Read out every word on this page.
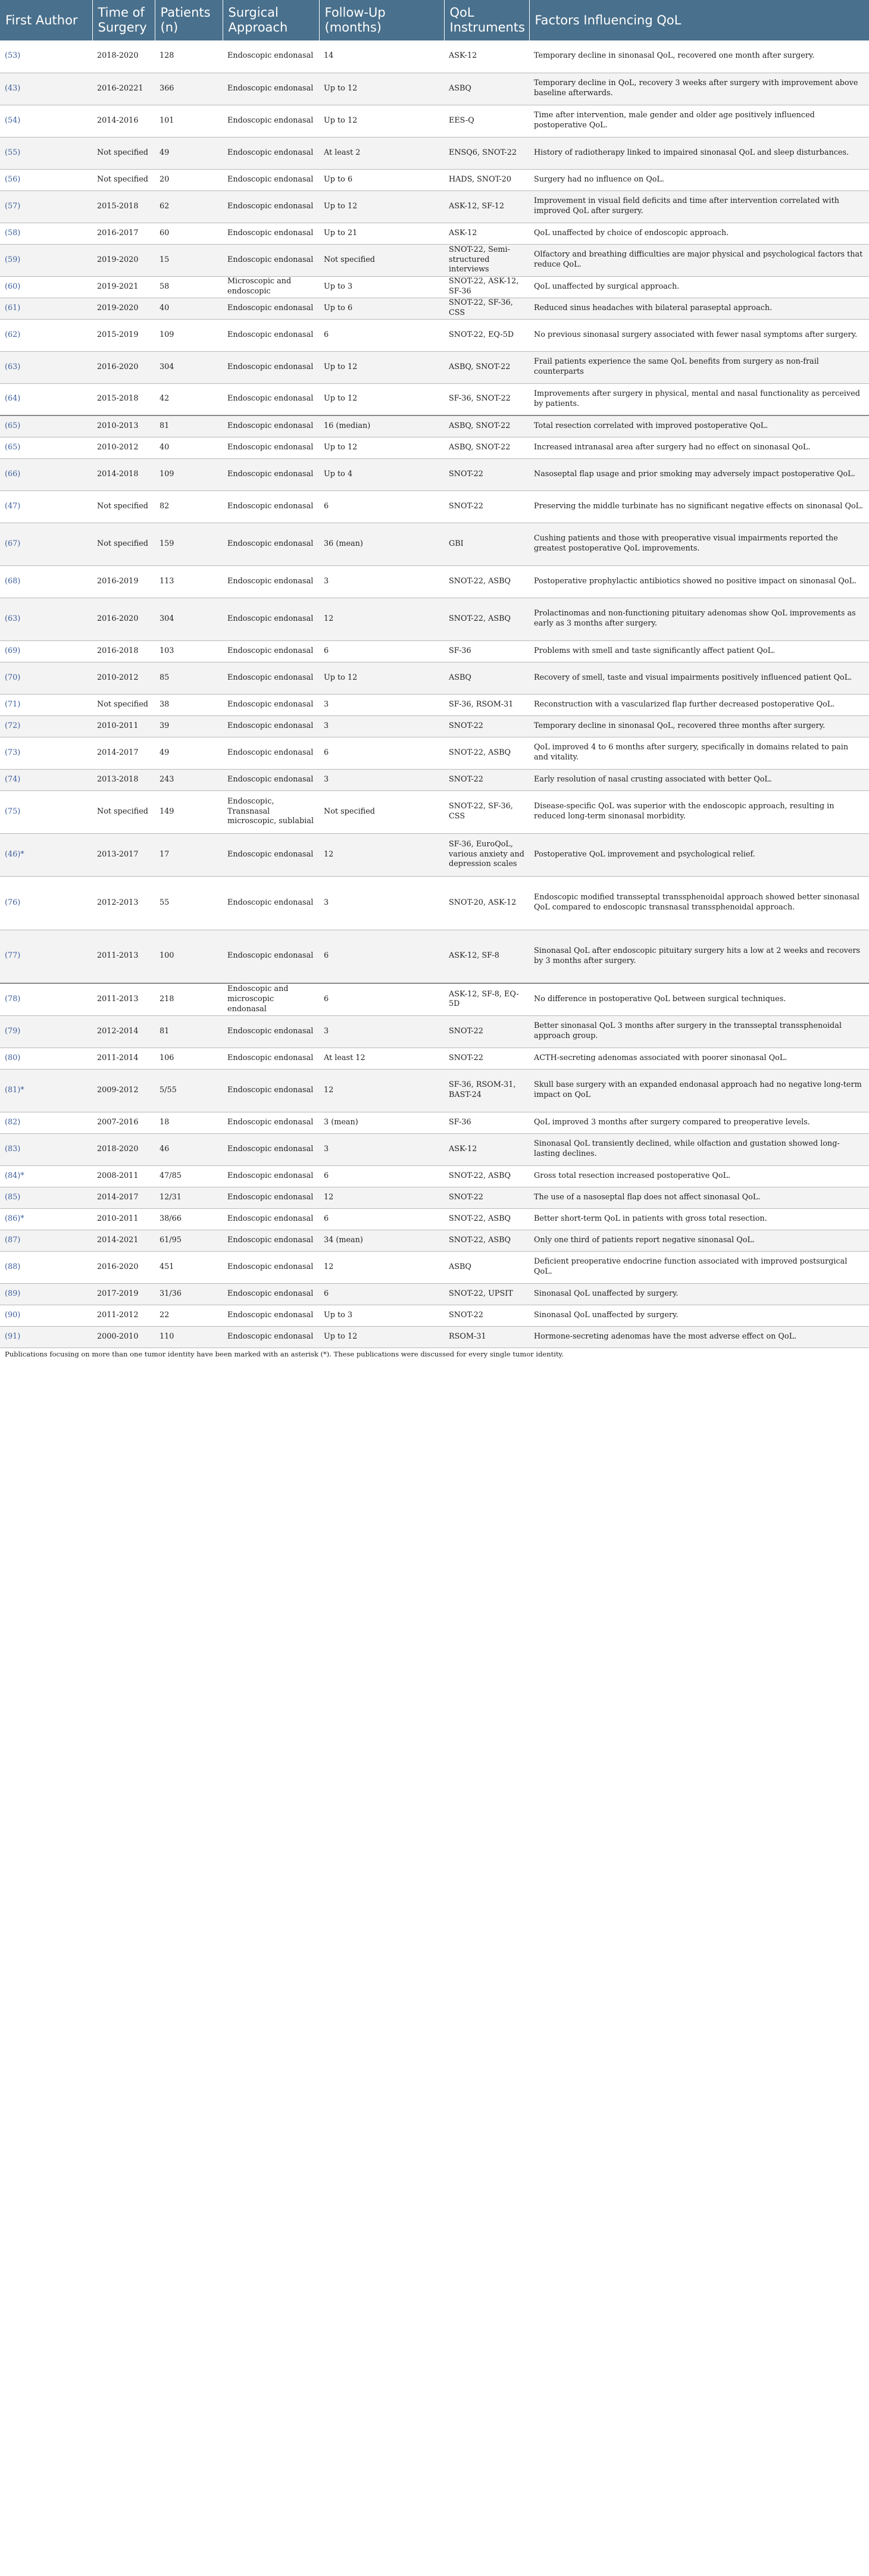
First Author	Time of Surgery	Patients (n)	Surgical Approach	Follow-Up (months)	QoL Instruments	Factors Influencing QoL
(53)	2018-2020	128	Endoscopic endonasal	14	ASK-12	Temporary decline in sinonasal QoL, recovered one month after surgery.
(43)	2016-20221	366	Endoscopic endonasal	Up to 12	ASBQ	Temporary decline in QoL, recovery 3 weeks after surgery with improvement above baseline afterwards.
(54)	2014-2016	101	Endoscopic endonasal	Up to 12	EES-Q	Time after intervention, male gender and older age positively influenced postoperative QoL.
(55)	Not specified	49	Endoscopic endonasal	At least 2	ENSQ6, SNOT-22	History of radiotherapy linked to impaired sinonasal QoL and sleep disturbances.
(56)	Not specified	20	Endoscopic endonasal	Up to 6	HADS, SNOT-20	Surgery had no influence on QoL.
(57)	2015-2018	62	Endoscopic endonasal	Up to 12	ASK-12, SF-12	Improvement in visual field deficits and time after intervention correlated with improved QoL after surgery.
(58)	2016-2017	60	Endoscopic endonasal	Up to 21	ASK-12	QoL unaffected by choice of endoscopic approach.
(59)	2019-2020	15	Endoscopic endonasal	Not specified	SNOT-22, Semi-structured interviews	Olfactory and breathing difficulties are major physical and psychological factors that reduce QoL.
(60)	2019-2021	58	Microscopic and endoscopic	Up to 3	SNOT-22, ASK-12, SF-36	QoL unaffected by surgical approach.
(61)	2019-2020	40	Endoscopic endonasal	Up to 6	SNOT-22, SF-36, CSS	Reduced sinus headaches with bilateral paraseptal approach.
(62)	2015-2019	109	Endoscopic endonasal	6	SNOT-22, EQ-5D	No previous sinonasal surgery associated with fewer nasal symptoms after surgery.
(63)	2016-2020	304	Endoscopic endonasal	Up to 12	ASBQ, SNOT-22	Frail patients experience the same QoL benefits from surgery as non-frail counterparts
(64)	2015-2018	42	Endoscopic endonasal	Up to 12	SF-36, SNOT-22	Improvements after surgery in physical, mental and nasal functionality as perceived by patients.
(65)	2010-2013	81	Endoscopic endonasal	16 (median)	ASBQ, SNOT-22	Total resection correlated with improved postoperative QoL.
(65)	2010-2012	40	Endoscopic endonasal	Up to 12	ASBQ, SNOT-22	Increased intranasal area after surgery had no effect on sinonasal QoL.
(66)	2014-2018	109	Endoscopic endonasal	Up to 4	SNOT-22	Nasoseptal flap usage and prior smoking may adversely impact postoperative QoL.
(47)	Not specified	82	Endoscopic endonasal	6	SNOT-22	Preserving the middle turbinate has no significant negative effects on sinonasal QoL.
(67)	Not specified	159	Endoscopic endonasal	36 (mean)	GBI	Cushing patients and those with preoperative visual impairments reported the greatest postoperative QoL improvements.
(68)	2016-2019	113	Endoscopic endonasal	3	SNOT-22, ASBQ	Postoperative prophylactic antibiotics showed no positive impact on sinonasal QoL.
(63)	2016-2020	304	Endoscopic endonasal	12	SNOT-22, ASBQ	Prolactinomas and non-functioning pituitary adenomas show QoL improvements as early as 3 months after surgery.
(69)	2016-2018	103	Endoscopic endonasal	6	SF-36	Problems with smell and taste significantly affect patient QoL.
(70)	2010-2012	85	Endoscopic endonasal	Up to 12	ASBQ	Recovery of smell, taste and visual impairments positively influenced patient QoL.
(71)	Not specified	38	Endoscopic endonasal	3	SF-36, RSOM-31	Reconstruction with a vascularized flap further decreased postoperative QoL.
(72)	2010-2011	39	Endoscopic endonasal	3	SNOT-22	Temporary decline in sinonasal QoL, recovered three months after surgery.
(73)	2014-2017	49	Endoscopic endonasal	6	SNOT-22, ASBQ	QoL improved 4 to 6 months after surgery, specifically in domains related to pain and vitality.
(74)	2013-2018	243	Endoscopic endonasal	3	SNOT-22	Early resolution of nasal crusting associated with better QoL.
(75)	Not specified	149	Endoscopic, Transnasal microscopic, sublabial	Not specified	SNOT-22, SF-36, CSS	Disease-specific QoL was superior with the endoscopic approach, resulting in reduced long-term sinonasal morbidity.
(46)*	2013-2017	17	Endoscopic endonasal	12	SF-36, EuroQoL, various anxiety and depression scales	Postoperative QoL improvement and psychological relief.
(76)	2012-2013	55	Endoscopic endonasal	3	SNOT-20, ASK-12	Endoscopic modified transseptal transsphenoidal approach showed better sinonasal QoL compared to endoscopic transnasal transsphenoidal approach.
(77)	2011-2013	100	Endoscopic endonasal	6	ASK-12, SF-8	Sinonasal QoL after endoscopic pituitary surgery hits a low at 2 weeks and recovers by 3 months after surgery.
(78)	2011-2013	218	Endoscopic and microscopic endonasal	6	ASK-12, SF-8, EQ-5D	No difference in postoperative QoL between surgical techniques.
(79)	2012-2014	81	Endoscopic endonasal	3	SNOT-22	Better sinonasal QoL 3 months after surgery in the transseptal transsphenoidal approach group.
(80)	2011-2014	106	Endoscopic endonasal	At least 12	SNOT-22	ACTH-secreting adenomas associated with poorer sinonasal QoL.
(81)*	2009-2012	5/55	Endoscopic endonasal	12	SF-36, RSOM-31, BAST-24	Skull base surgery with an expanded endonasal approach had no negative long-term impact on QoL
(82)	2007-2016	18	Endoscopic endonasal	3 (mean)	SF-36	QoL improved 3 months after surgery compared to preoperative levels.
(83)	2018-2020	46	Endoscopic endonasal	3	ASK-12	Sinonasal QoL transiently declined, while olfaction and gustation showed long-lasting declines.
(84)*	2008-2011	47/85	Endoscopic endonasal	6	SNOT-22, ASBQ	Gross total resection increased postoperative QoL.
(85)	2014-2017	12/31	Endoscopic endonasal	12	SNOT-22	The use of a nasoseptal flap does not affect sinonasal QoL.
(86)*	2010-2011	38/66	Endoscopic endonasal	6	SNOT-22, ASBQ	Better short-term QoL in patients with gross total resection.
(87)	2014-2021	61/95	Endoscopic endonasal	34 (mean)	SNOT-22, ASBQ	Only one third of patients report negative sinonasal QoL.
(88)	2016-2020	451	Endoscopic endonasal	12	ASBQ	Deficient preoperative endocrine function associated with improved postsurgical QoL.
(89)	2017-2019	31/36	Endoscopic endonasal	6	SNOT-22, UPSIT	Sinonasal QoL unaffected by surgery.
(90)	2011-2012	22	Endoscopic endonasal	Up to 3	SNOT-22	Sinonasal QoL unaffected by surgery.
(91)	2000-2010	110	Endoscopic endonasal	Up to 12	RSOM-31	Hormone-secreting adenomas have the most adverse effect on QoL.
Publications focusing on more than one tumor identity have been marked with an asterisk (*). These publications were discussed for every single tumor identity.
